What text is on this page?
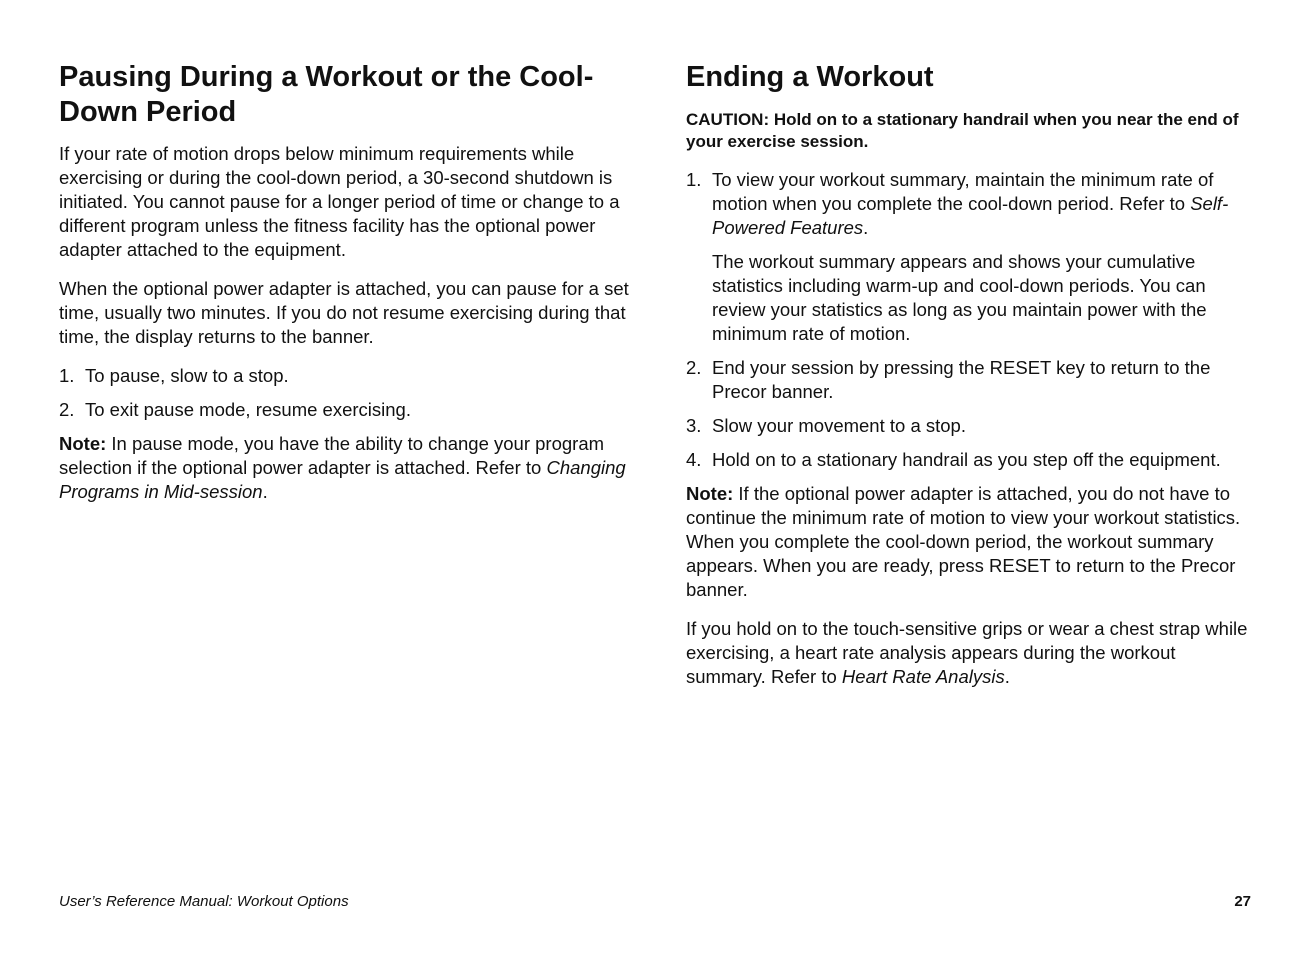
Pausing During a Workout or the Cool-Down Period

If your rate of motion drops below minimum requirements while exercising or during the cool-down period, a 30-second shutdown is initiated. You cannot pause for a longer period of time or change to a different program unless the fitness facility has the optional power adapter attached to the equipment.

When the optional power adapter is attached, you can pause for a set time, usually two minutes. If you do not resume exercising during that time, the display returns to the banner.

1. To pause, slow to a stop.
2. To exit pause mode, resume exercising.

Note: In pause mode, you have the ability to change your program selection if the optional power adapter is attached. Refer to Changing Programs in Mid-session.

Ending a Workout

CAUTION: Hold on to a stationary handrail when you near the end of your exercise session.

1. To view your workout summary, maintain the minimum rate of motion when you complete the cool-down period. Refer to Self-Powered Features.
The workout summary appears and shows your cumulative statistics including warm-up and cool-down periods. You can review your statistics as long as you maintain power with the minimum rate of motion.
2. End your session by pressing the RESET key to return to the Precor banner.
3. Slow your movement to a stop.
4. Hold on to a stationary handrail as you step off the equipment.

Note: If the optional power adapter is attached, you do not have to continue the minimum rate of motion to view your workout statistics. When you complete the cool-down period, the workout summary appears. When you are ready, press RESET to return to the Precor banner.

If you hold on to the touch-sensitive grips or wear a chest strap while exercising, a heart rate analysis appears during the workout summary. Refer to Heart Rate Analysis.

User’s Reference Manual: Workout Options	27
